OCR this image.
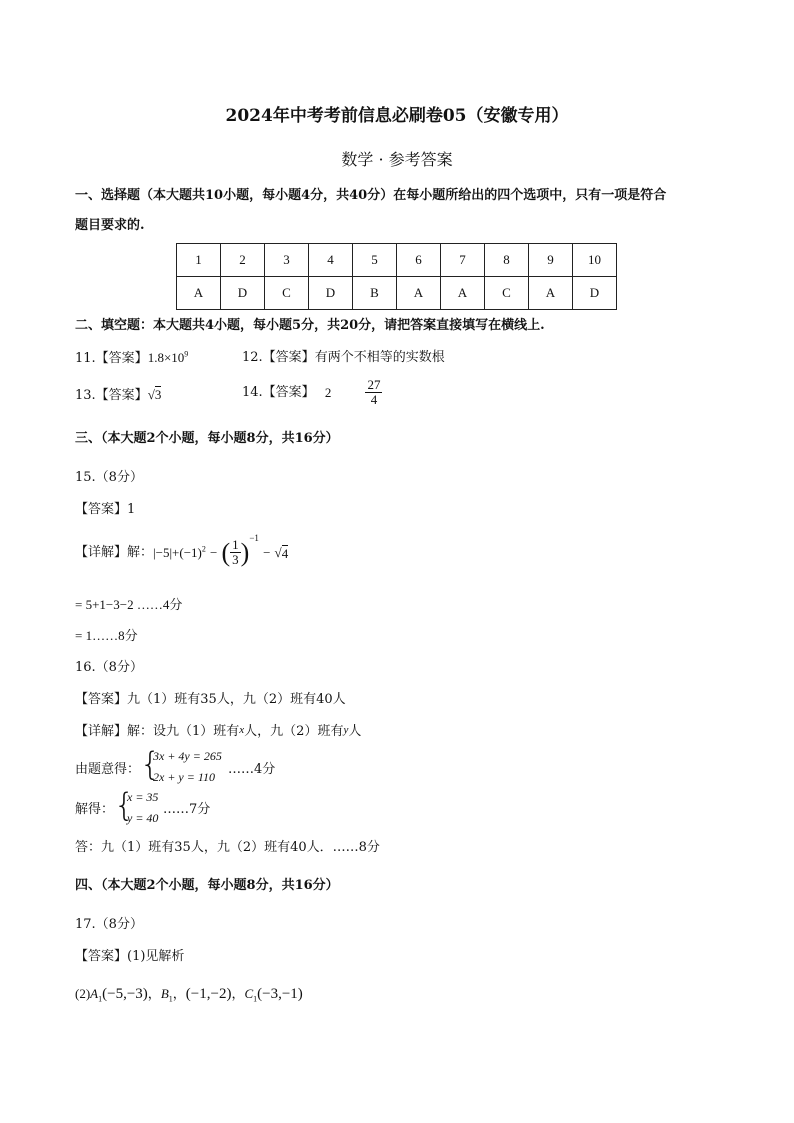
2024年中考考前信息必刷卷05（安徽专用）
数学 · 参考答案
一、选择题（本大题共10小题，每小题4分，共40分）在每小题所给出的四个选项中，只有一项是符合
题目要求的.
1	2	3	4	5	6	7	8	9	10
A	D	C	D	B	A	A	C	A	D
二、填空题：本大题共4小题，每小题5分，共20分，请把答案直接填写在横线上.
11.【答案】$1.8\times 10^9$	12.【答案】有两个不相等的实数根
13.【答案】√3	14.【答案】 2	$\frac{27}{4}$
三、（本大题2个小题，每小题8分，共16分）
15.（8分）
【答案】1
【详解】解：$|-5|+(-1)^2$ − ( $\frac{1}{3} )^{-1} - √4$
= 5+1−3−2 ……4分
= 1……8分
16.（8分）
【答案】九（1）班有35人，九（2）班有40人
【详解】解：设九（1）班有x人，九（2）班有y人
由题意得： {
3x + 4y = 265
2x + y = 110 ……4分
解得： {
x = 35
y = 40
……7分
答：九（1）班有35人，九（2）班有40人．……8分
四、（本大题2个小题，每小题8分，共16分）
17.（8分）
【答案】(1)见解析
$(2)A_1(-5,-3)$，$B_1$，(−1,−2)，$C_1(-3,-1)$
